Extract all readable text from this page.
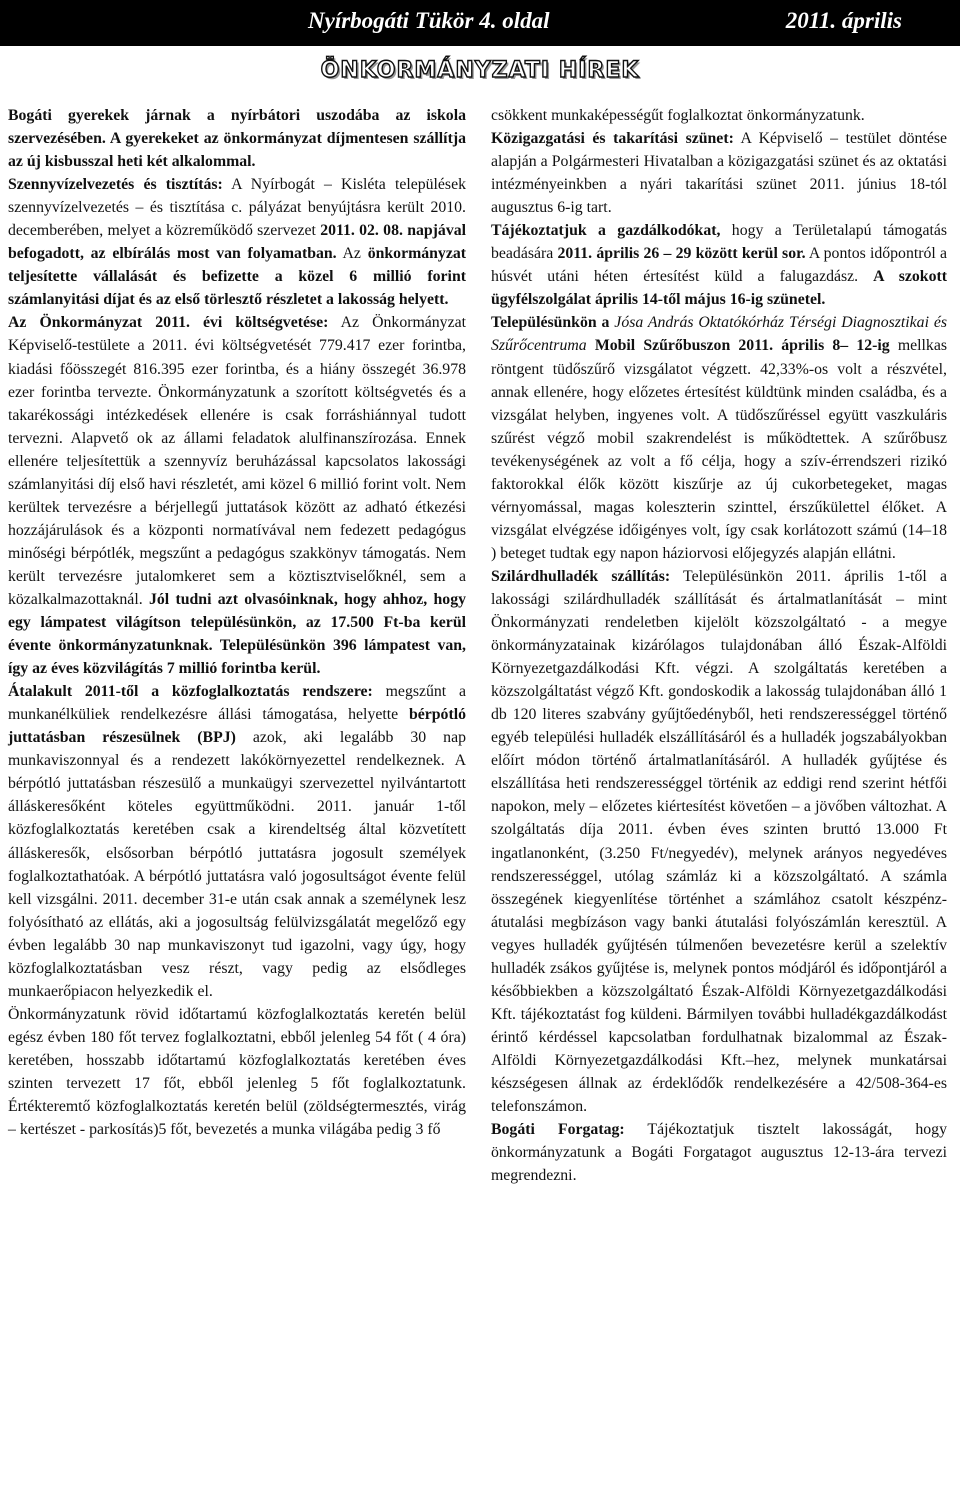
Nyírbogáti Tükör 4. oldal	2011. április
ÖNKORMÁNYZATI HÍREK

Bogáti gyerekek járnak a nyírbátori uszodába az iskola szervezésében. A gyerekeket az önkormányzat díjmentesen szállítja az új kisbusszal heti két alkalommal.

Szennyvízelvezetés és tisztítás: A Nyírbogát – Kisléta települések szennyvízelvezetés – és tisztítása c. pályázat benyújtásra került 2010. decemberében, melyet a közreműködő szervezet 2011. 02. 08. napjával befogadott, az elbírálás most van folyamatban. Az önkormányzat teljesítette vállalását és befizette a közel 6 millió forint számlanyitási díjat és az első törlesztő részletet a lakosság helyett.

Az Önkormányzat 2011. évi költségvetése: Az Önkormányzat Képviselő-testülete a 2011. évi költségvetését 779.417 ezer forintba, kiadási főösszegét 816.395 ezer forintba, és a hiány összegét 36.978 ezer forintba tervezte. Önkormányzatunk a szorított költségvetés és a takarékossági intézkedések ellenére is csak forráshiánnyal tudott tervezni. Alapvető ok az állami feladatok alulfinanszírozása. Ennek ellenére teljesítettük a szennyvíz beruházással kapcsolatos lakossági számlanyitási díj első havi részletét, ami közel 6 millió forint volt. Nem kerültek tervezésre a bérjellegű juttatások között az adható étkezési hozzájárulások és a központi normatívával nem fedezett pedagógus minőségi bérpótlék, megszűnt a pedagógus szakkönyv támogatás. Nem került tervezésre jutalomkeret sem a köztisztviselőknél, sem a közalkalmazottaknál. Jól tudni azt olvasóinknak, hogy ahhoz, hogy egy lámpatest világítson településünkön, az 17.500 Ft-ba kerül évente önkormányzatunknak. Településünkön 396 lámpatest van, így az éves közvilágítás 7 millió forintba kerül.

Átalakult 2011-től a közfoglalkoztatás rendszere: megszűnt a munkanélküliek rendelkezésre állási támogatása, helyette bérpótló juttatásban részesülnek (BPJ) azok, aki legalább 30 nap munkaviszonnyal és a rendezett lakókörnyezettel rendelkeznek. A bérpótló juttatásban részesülő a munkaügyi szervezettel nyilvántartott álláskeresőként köteles együttműködni. 2011. január 1-től közfoglalkoztatás keretében csak a kirendeltség által közvetített álláskeresők, elsősorban bérpótló juttatásra jogosult személyek foglalkoztathatóak. A bérpótló juttatásra való jogosultságot évente felül kell vizsgálni. 2011. december 31-e után csak annak a személynek lesz folyósítható az ellátás, aki a jogosultság felülvizsgálatát megelőző egy évben legalább 30 nap munkaviszonyt tud igazolni, vagy úgy, hogy közfoglalkoztatásban vesz részt, vagy pedig az elsődleges munkaerőpiacon helyezkedik el.

Önkormányzatunk rövid időtartamú közfoglalkoztatás keretén belül egész évben 180 főt tervez foglalkoztatni, ebből jelenleg 54 főt ( 4 óra) keretében, hosszabb időtartamú közfoglalkoztatás keretében éves szinten tervezett 17 főt, ebből jelenleg 5 főt foglalkoztatunk. Értékteremtő közfoglalkoztatás keretén belül (zöldségtermesztés, virág – kertészet - parkosítás)5 főt, bevezetés a munka világába pedig 3 fő

csökkent munkaképességűt foglalkoztat önkormányzatunk.

Közigazgatási és takarítási szünet: A Képviselő – testület döntése alapján a Polgármesteri Hivatalban a közigazgatási szünet és az oktatási intézményeinkben a nyári takarítási szünet 2011. június 18-tól augusztus 6-ig tart.

Tájékoztatjuk a gazdálkodókat, hogy a Területalapú támogatás beadására 2011. április 26 – 29 között kerül sor. A pontos időpontról a húsvét utáni héten értesítést küld a falugazdász. A szokott ügyfélszolgálat április 14-től május 16-ig szünetel.

Településünkön a Jósa András Oktatókórház Térségi Diagnosztikai és Szűrőcentruma Mobil Szűrőbuszon 2011. április 8– 12-ig mellkas röntgent tüdőszűrő vizsgálatot végzett. 42,33%-os volt a részvétel, annak ellenére, hogy előzetes értesítést küldtünk minden családba, és a vizsgálat helyben, ingyenes volt. A tüdőszűréssel együtt vaszkuláris szűrést végző mobil szakrendelést is működtettek. A szűrőbusz tevékenységének az volt a fő célja, hogy a szív-érrendszeri rizikó faktorokkal élők között kiszűrje az új cukorbetegeket, magas vérnyomással, magas koleszterin szinttel, érszűkülettel élőket. A vizsgálat elvégzése időigényes volt, így csak korlátozott számú (14–18 ) beteget tudtak egy napon háziorvosi előjegyzés alapján ellátni.

Szilárdhulladék szállítás: Településünkön 2011. április 1-től a lakossági szilárdhulladék szállítását és ártalmatlanítását – mint Önkormányzati rendeletben kijelölt közszolgáltató - a megye önkormányzatainak kizárólagos tulajdonában álló Észak-Alföldi Környezetgazdálkodási Kft. végzi. A szolgáltatás keretében a közszolgáltatást végző Kft. gondoskodik a lakosság tulajdonában álló 1 db 120 literes szabvány gyűjtőedényből, heti rendszerességgel történő egyéb települési hulladék elszállításáról és a hulladék jogszabályokban előírt módon történő ártalmatlanításáról. A hulladék gyűjtése és elszállítása heti rendszerességgel történik az eddigi rend szerint hétfői napokon, mely – előzetes kiértesítést követően – a jövőben változhat. A szolgáltatás díja 2011. évben éves szinten bruttó 13.000 Ft ingatlanonként, (3.250 Ft/negyedév), melynek arányos negyedéves rendszerességgel, utólag számláz ki a közszolgáltató. A számla összegének kiegyenlítése történhet a számlához csatolt készpénz-átutalási megbízáson vagy banki átutalási folyószámlán keresztül. A vegyes hulladék gyűjtésén túlmenően bevezetésre kerül a szelektív hulladék zsákos gyűjtése is, melynek pontos módjáról és időpontjáról a későbbiekben a közszolgáltató Észak-Alföldi Környezetgazdálkodási Kft. tájékoztatást fog küldeni. Bármilyen további hulladékgazdálkodást érintő kérdéssel kapcsolatban fordulhatnak bizalommal az Észak-Alföldi Környezetgazdálkodási Kft.–hez, melynek munkatársai készségesen állnak az érdeklődők rendelkezésére a 42/508-364-es telefonszámon.

Bogáti Forgatag: Tájékoztatjuk tisztelt lakosságát, hogy önkormányzatunk a Bogáti Forgatagot augusztus 12-13-ára tervezi megrendezni.
